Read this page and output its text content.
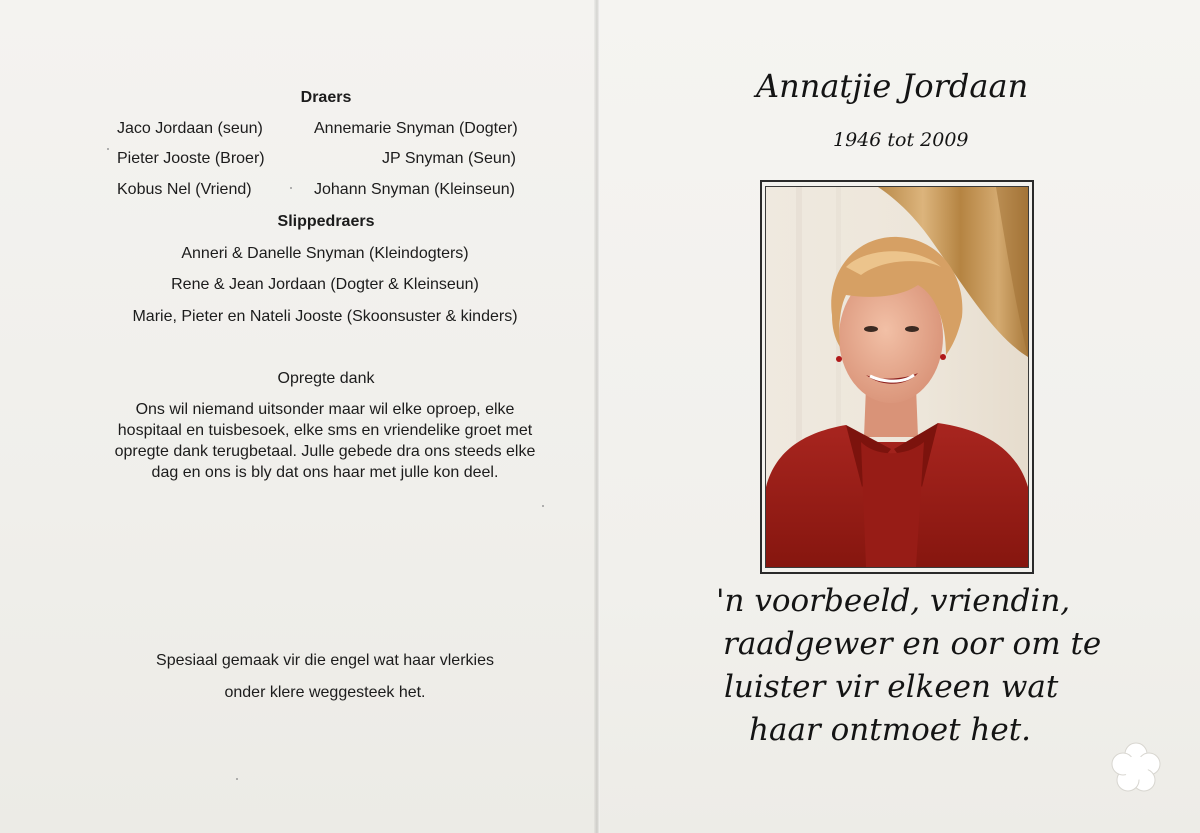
Draers
Jaco Jordaan (seun)	Annemarie Snyman (Dogter)
Pieter Jooste (Broer)	JP Snyman (Seun)
Kobus Nel (Vriend)	Johann Snyman (Kleinseun)
Slippedraers
Anneri & Danelle Snyman (Kleindogters)
Rene & Jean Jordaan (Dogter & Kleinseun)
Marie, Pieter en Nateli Jooste (Skoonsuster & kinders)
Opregte dank
Ons wil niemand uitsonder maar wil elke oproep, elke
hospitaal en tuisbesoek, elke sms en vriendelike groet met
opregte dank terugbetaal. Julle gebede dra ons steeds elke
dag en ons is bly dat ons haar met julle kon deel.
Spesiaal gemaak vir die engel wat haar vlerkies
onder klere weggesteek het.
Annatjie Jordaan
1946 tot 2009
'n voorbeeld, vriendin,
raadgewer en oor om te
luister vir elkeen wat
haar ontmoet het.
